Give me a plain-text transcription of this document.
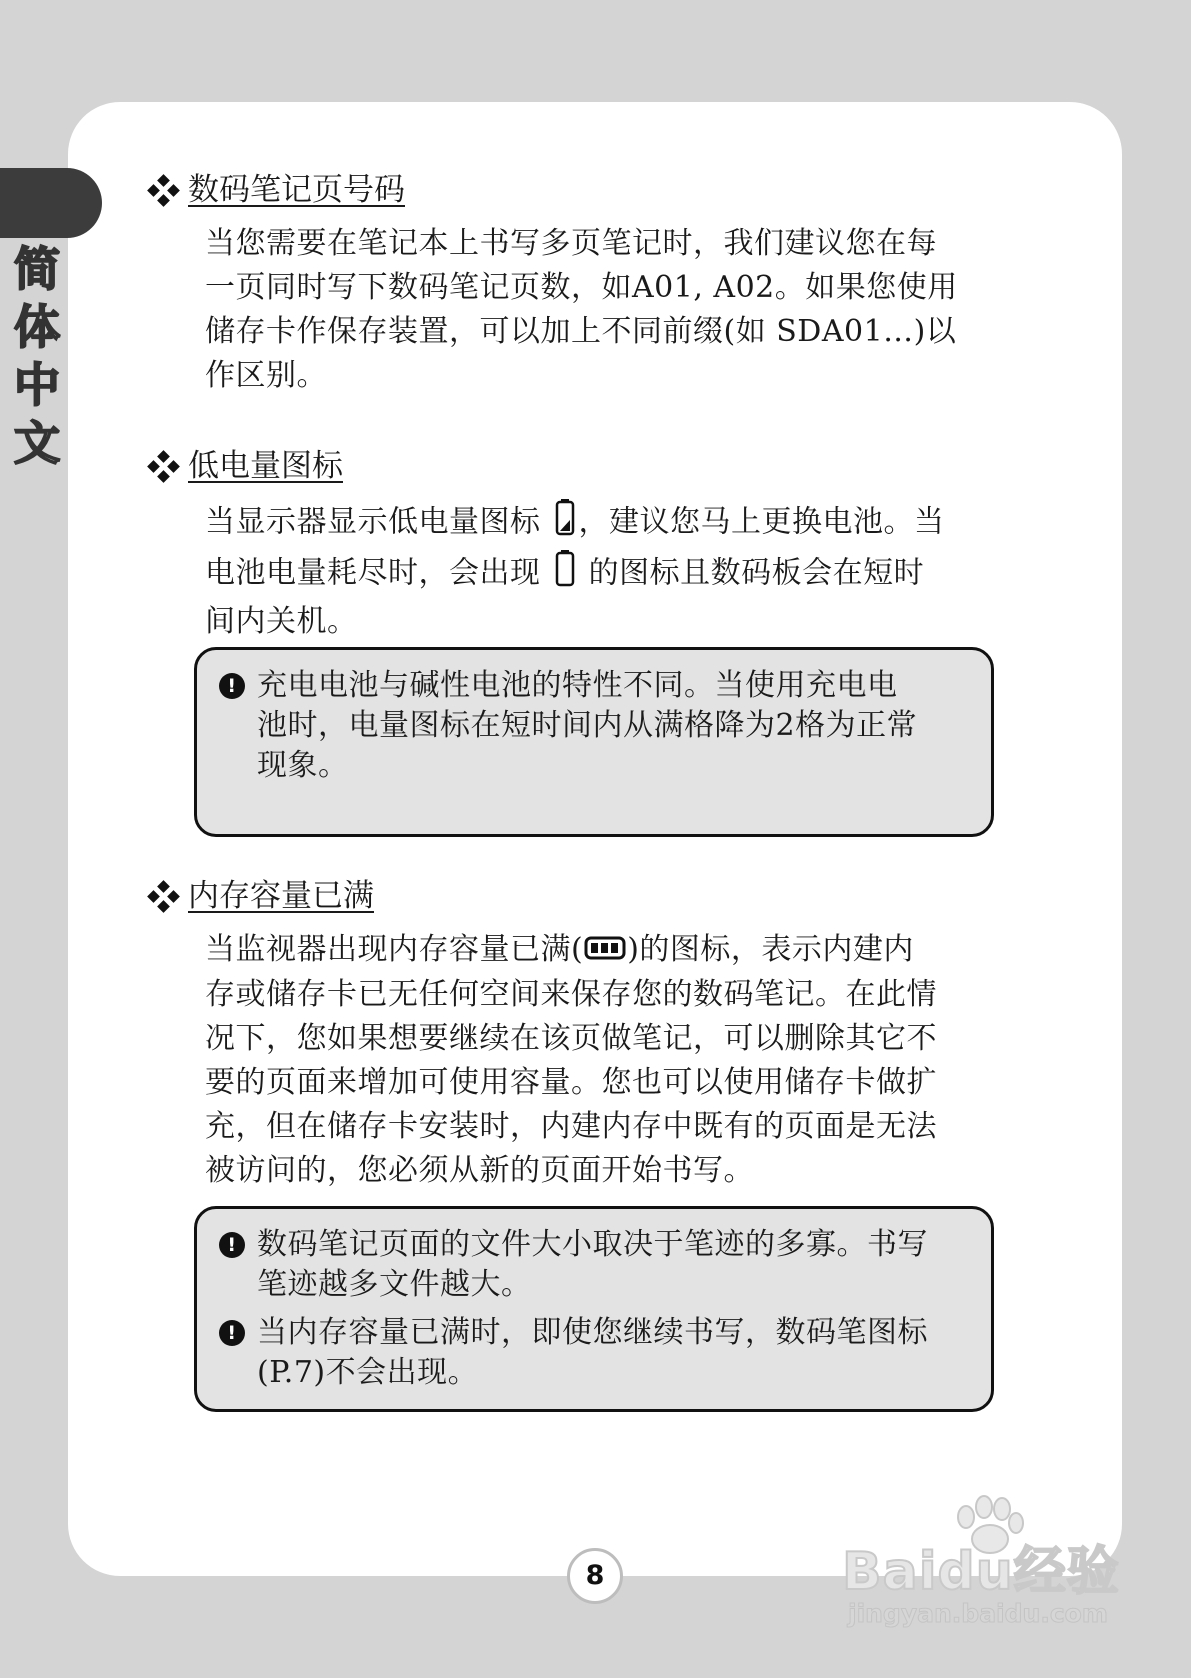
简
体
中
文
数码笔记页号码

当您需要在笔记本上书写多页笔记时，我们建议您在每
一页同时写下数码笔记页数，如A01, A02。如果您使用
储存卡作保存装置，可以加上不同前缀(如 SDA01…)以
作区别。

低电量图标

当显示器显示低电量图标 ，建议您马上更换电池。当
电池电量耗尽时，会出现  的图标且数码板会在短时
间内关机。

! 充电电池与碱性电池的特性不同。当使用充电电
池时，电量图标在短时间内从满格降为2格为正常
现象。
内存容量已满

当监视器出现内存容量已满( )的图标，表示内建内
存或储存卡已无任何空间来保存您的数码笔记。在此情
况下，您如果想要继续在该页做笔记，可以删除其它不
要的页面来增加可使用容量。您也可以使用储存卡做扩
充，但在储存卡安装时，内建内存中既有的页面是无法
被访问的，您必须从新的页面开始书写。

! 数码笔记页面的文件大小取决于笔迹的多寡。书写
笔迹越多文件越大。
! 当内存容量已满时，即使您继续书写，数码笔图标
(P.7)不会出现。
8	Baidu经验
jingyan.baidu.com
